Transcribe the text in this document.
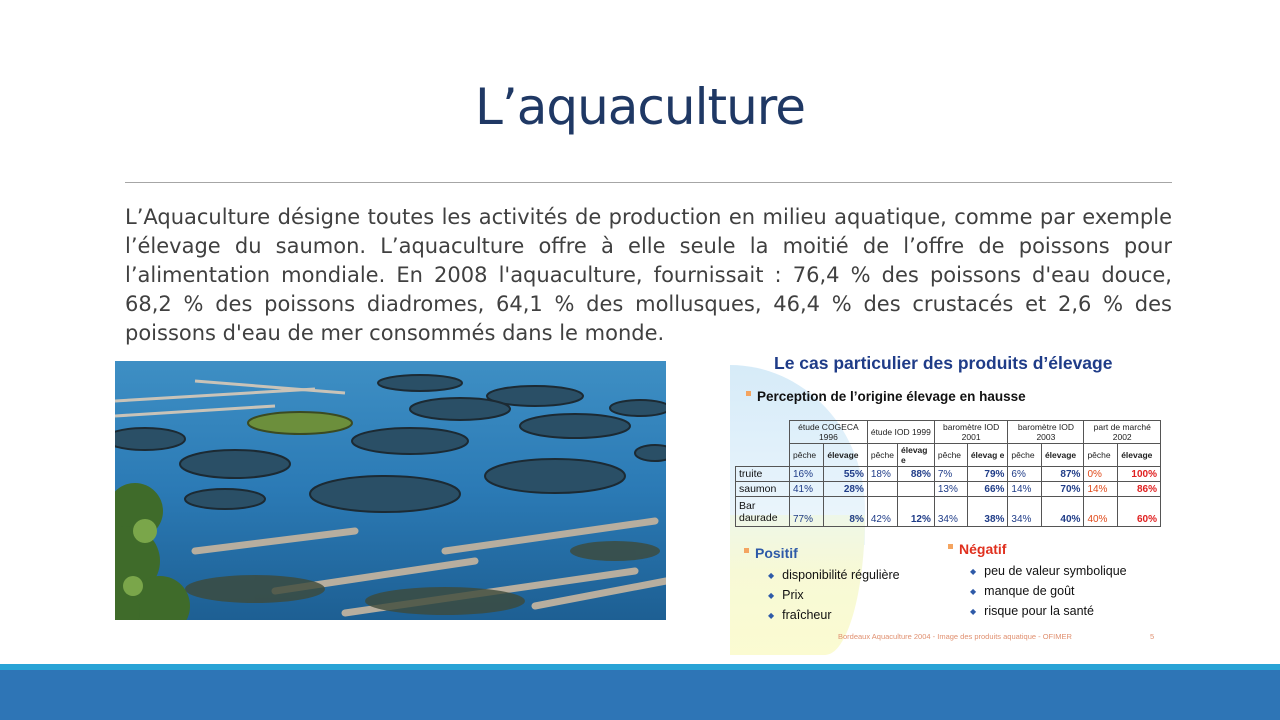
L’aquaculture

L’Aquaculture désigne toutes les activités de production en milieu aquatique, comme par exemple l’élevage du saumon. L’aquaculture offre à elle seule la moitié de l’offre de poissons pour l’alimentation mondiale. En 2008 l'aquaculture, fournissait : 76,4 % des poissons d'eau douce, 68,2 % des poissons diadromes, 64,1 % des mollusques, 46,4 % des crustacés et 2,6 % des poissons d'eau de mer consommés dans le monde.

Le cas particulier des produits d’élevage
Perception de l’origine élevage en hausse
	étude COGECA 1996		étude IOD 1999		baromètre IOD 2001		baromètre IOD 2003		part de marché 2002	
	pêche	élevage	pêche	élevag e	pêche	élevag e	pêche	élevage	pêche	élevage
truite	16%	55%	18%	88%	7%	79%	6%	87%	0%	100%
saumon	41%	28%			13%	66%	14%	70%	14%	86%
Bar daurade	77%	8%	42%	12%	34%	38%	34%	40%	40%	60%
Positif
◆ disponibilité régulière
◆ Prix
◆ fraîcheur
Négatif
◆ peu de valeur symbolique
◆ manque de goût
◆ risque pour la santé
Bordeaux Aquaculture 2004 - Image des produits aquatique - OFIMER	5
